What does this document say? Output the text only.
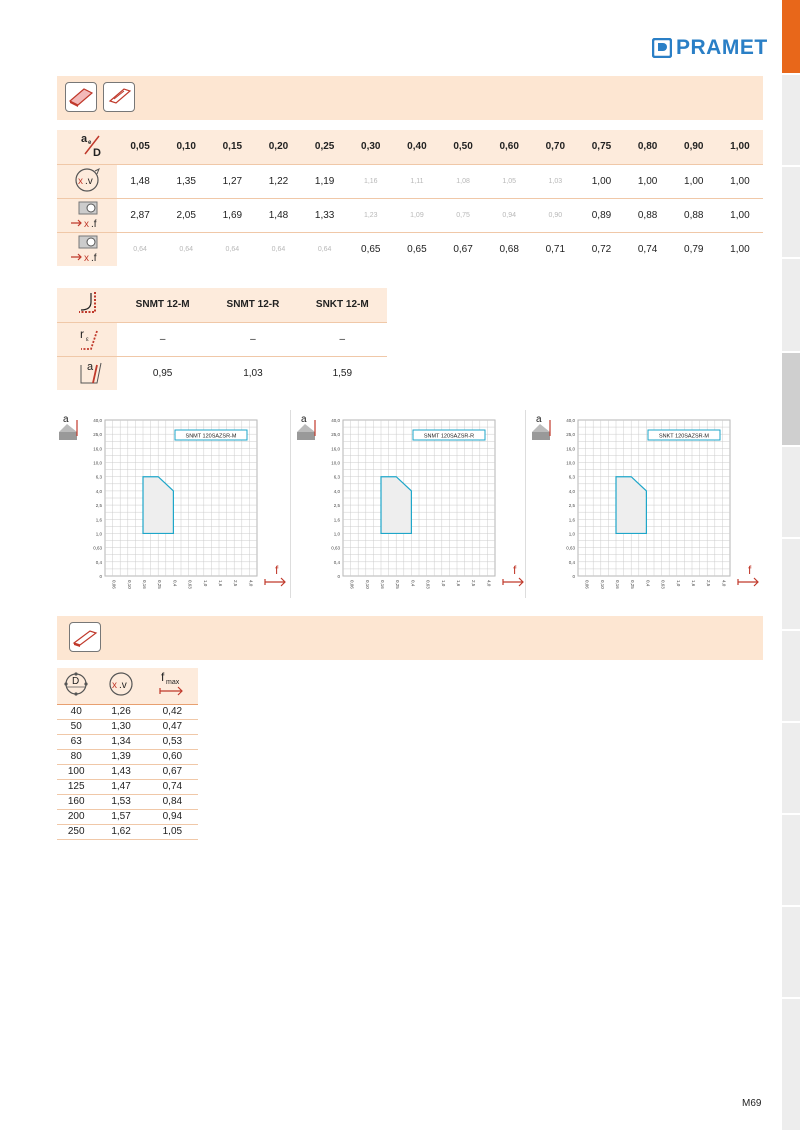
PRAMET
a e
D	0,05	0,10	0,15	0,20	0,25	0,30	0,40	0,50	0,60	0,70	0,75	0,80	0,90	1,00

x .v	1,48	1,35	1,27	1,22	1,19	1,16	1,11	1,08	1,05	1,03	1,00	1,00	1,00	1,00

x .f	2,87	2,05	1,69	1,48	1,33	1,23	1,09	0,75	0,94	0,90	0,89	0,88	0,88	1,00

x .f	0,64	0,64	0,64	0,64	0,64	0,65	0,65	0,67	0,68	0,71	0,72	0,74	0,79	1,00
	SNMT 12-M	SNMT 12-R	SNKT 12-M

r ε	–	–	–

a	0,95	1,03	1,59
a	40,0
25,0
16,0
10,0
6,3
4,0
2,5
1,6
1,0
0,63
0,4
0
0,06 0,10 0,16 0,25 0,4 0,63 1,0 1,6 2,5 4,0
SNMT 120SAZSR-M
f
a	40,0
25,0
16,0
10,0
6,3
4,0
2,5
1,6
1,0
0,63
0,4
0
0,06 0,10 0,16 0,25 0,4 0,63 1,0 1,6 2,5 4,0
SNMT 120SAZSR-R
f
a	40,0
25,0
16,0
10,0
6,3
4,0
2,5
1,6
1,0
0,63
0,4
0
0,06 0,10 0,16 0,25 0,4 0,63 1,0 1,6 2,5 4,0
SNKT 120SAZSR-M
f
D	x .v	f max

40	1,26	0,42
50	1,30	0,47
63	1,34	0,53
80	1,39	0,60
100	1,43	0,67
125	1,47	0,74
160	1,53	0,84
200	1,57	0,94
250	1,62	1,05
M69
